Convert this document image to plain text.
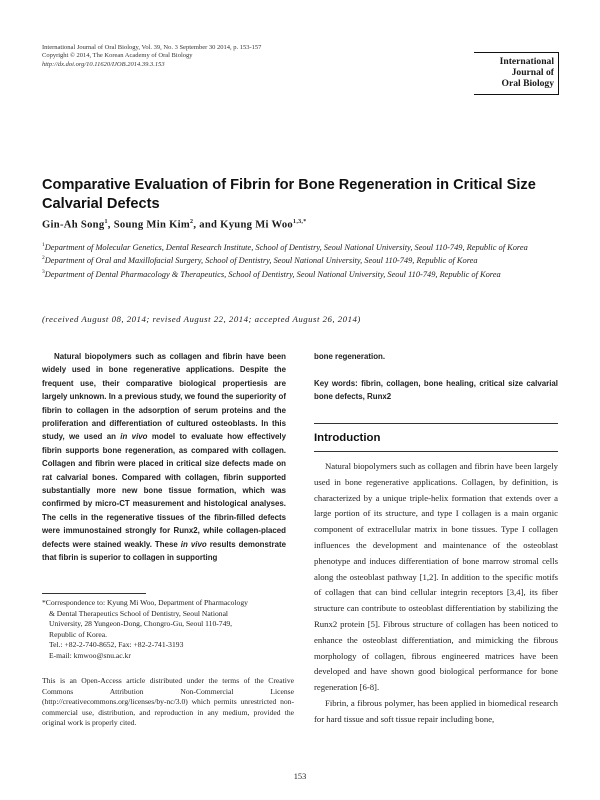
International Journal of Oral Biology, Vol. 39, No. 3 September 30 2014, p. 153-157
Copyright © 2014, The Korean Academy of Oral Biology
http://dx.doi.org/10.11620/IJOB.2014.39.3.153	International
Journal of
Oral Biology
Comparative Evaluation of Fibrin for Bone Regeneration in Critical Size Calvarial Defects
Gin-Ah Song$^1$, Soung Min Kim$^2$, and Kyung Mi Woo$^{1,3,*}$
$^1$Department of Molecular Genetics, Dental Research Institute, School of Dentistry, Seoul National University, Seoul 110-749, Republic of Korea
$^2$Department of Oral and Maxillofacial Surgery, School of Dentistry, Seoul National University, Seoul 110-749, Republic of Korea
$^3$Department of Dental Pharmacology & Therapeutics, School of Dentistry, Seoul National University, Seoul 110-749, Republic of Korea
(received August 08, 2014; revised August 22, 2014; accepted August 26, 2014)

Natural biopolymers such as collagen and fibrin have been widely used in bone regenerative applications. Despite the frequent use, their comparative biological propertiesis are largely unknown. In a previous study, we found the superiority of fibrin to collagen in the adsorption of serum proteins and the proliferation and differentiation of cultured osteoblasts. In this study, we used an in vivo model to evaluate how effectively fibrin supports bone regeneration, as compared with collagen. Collagen and fibrin were placed in critical size defects made on rat calvarial bones. Compared with collagen, fibrin supported substantially more new bone tissue formation, which was confirmed by micro-CT measurement and histological analyses. The cells in the regenerative tissues of the fibrin-filled defects were immunostained strongly for Runx2, while collagen-placed defects were stained weakly. These in vivo results demonstrate that fibrin is superior to collagen in supporting

*Correspondence to: Kyung Mi Woo, Department of Pharmacology
& Dental Therapeutics School of Dentistry, Seoul National
University, 28 Yungeon-Dong, Chongro-Gu, Seoul 110-749,
Republic of Korea.
Tel.: +82-2-740-8652, Fax: +82-2-741-3193
E-mail: kmwoo@snu.ac.kr

This is an Open-Access article distributed under the terms of the Creative Commons Attribution Non-Commercial License (http://creativecommons.org/licenses/by-nc/3.0) which permits unrestricted non-commercial use, distribution, and reproduction in any medium, provided the original work is properly cited.

bone regeneration.

Key words: fibrin, collagen, bone healing, critical size calvarial bone defects, Runx2

Introduction

Natural biopolymers such as collagen and fibrin have been largely used in bone regenerative applications. Collagen, by definition, is characterized by a unique triple-helix formation that extends over a large portion of its structure, and type I collagen is a main organic component of extracellular matrix in bone tissues. Type I collagen influences the development and maintenance of the osteoblast phenotype and induces differentiation of bone marrow stromal cells along the osteoblast pathway [1,2]. In addition to the specific motifs of collagen that can bind cellular integrin receptors [3,4], its fiber structure can contribute to osteoblast differentiation by stabilizing the Runx2 protein [5]. Fibrous structure of collagen has been noticed to enhance the osteoblast differentiation, and mimicking the fibrous morphology of collagen, fibrous engineered matrices have been developed and have shown good biological performance for bone regeneration [6-8].

Fibrin, a fibrous polymer, has been applied in biomedical research for hard tissue and soft tissue repair including bone,

153
